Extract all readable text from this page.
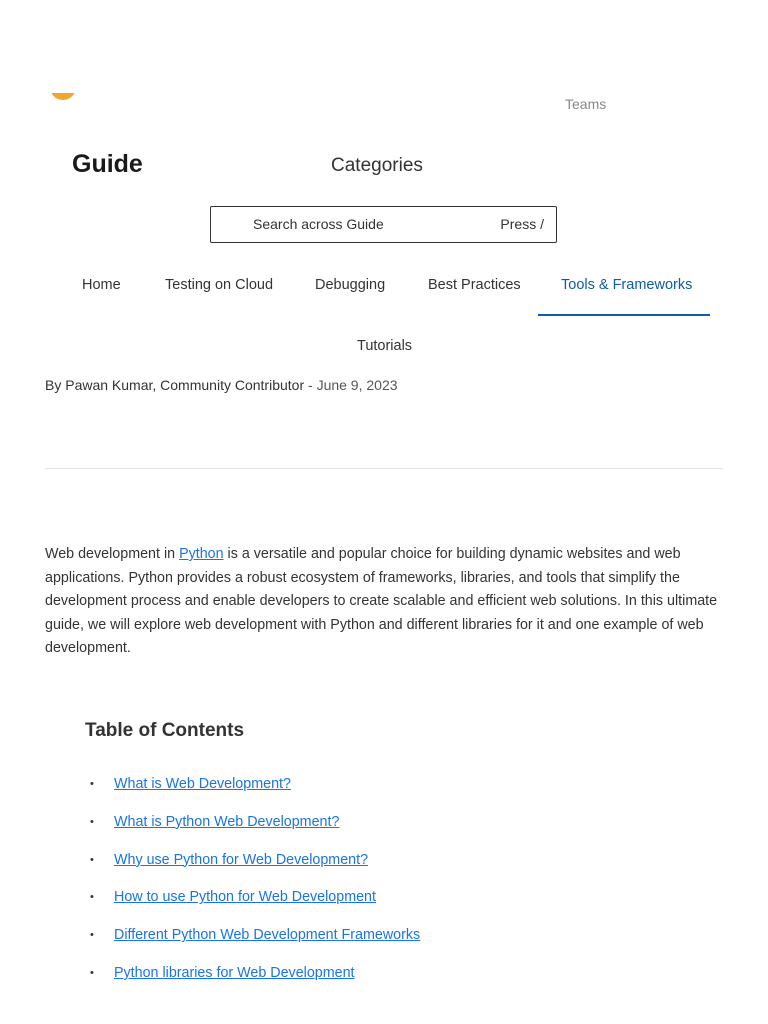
Teams
Guide	Categories
Search across Guide	Press /
Home	Testing on Cloud	Debugging	Best Practices	Tools & Frameworks
Tutorials
By Pawan Kumar, Community Contributor - June 9, 2023

Web development in Python is a versatile and popular choice for building dynamic websites and web applications. Python provides a robust ecosystem of frameworks, libraries, and tools that simplify the development process and enable developers to create scalable and efficient web solutions. In this ultimate guide, we will explore web development with Python and different libraries for it and one example of web development.

Table of Contents
• What is Web Development?
• What is Python Web Development?
• Why use Python for Web Development?
• How to use Python for Web Development
• Different Python Web Development Frameworks
• Python libraries for Web Development
